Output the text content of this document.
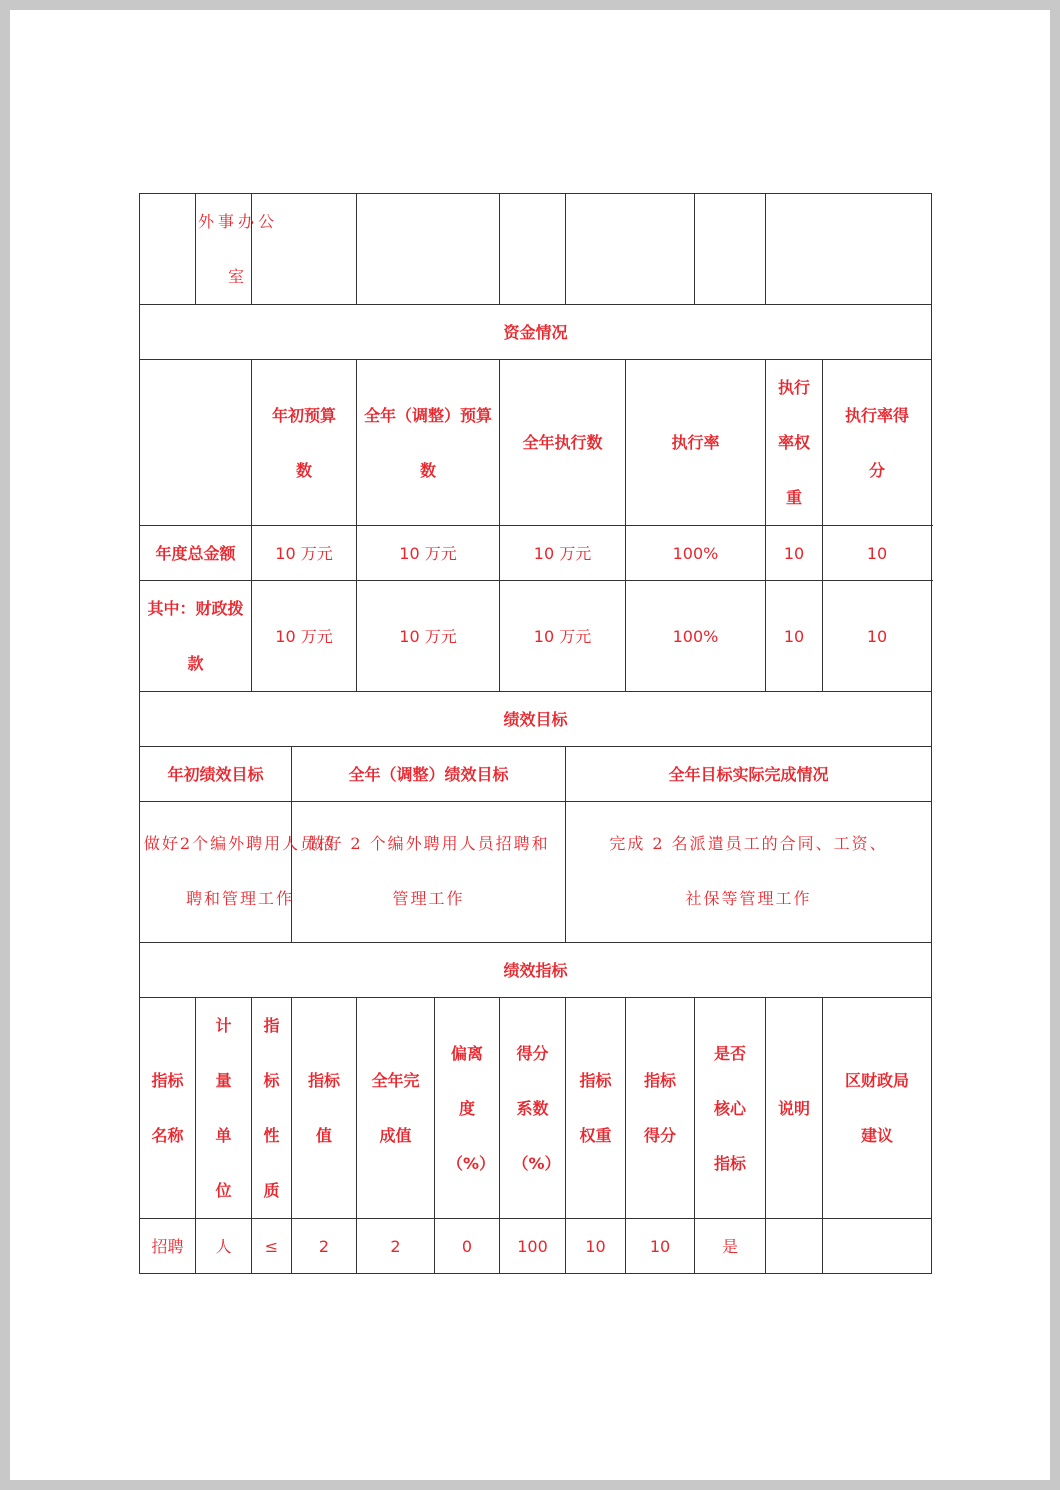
	外事办公室										
资金情况											
		年初预算数		全年（调整）预算数		全年执行数		执行率		执行率权重	执行率得分
年度总金额		10 万元		10 万元		10 万元		100%		10	10
其中：财政拨款		10 万元		10 万元		10 万元		100%		10	10
绩效目标											
年初绩效目标			全年（调整）绩效目标				全年目标实际完成情况				
做好2个编外聘用人员招聘和管理工作			做好 2 个编外聘用人员招聘和管理工作				完成 2 名派遣员工的合同、工资、社保等管理工作				
绩效指标											
指标名称	计量单位	指标性质	指标值	全年完成值	偏离度（%）	得分系数（%）	指标权重	指标得分	是否核心指标	说明	区财政局建议
招聘	人	≤	2	2	0	100	10	10	是		
